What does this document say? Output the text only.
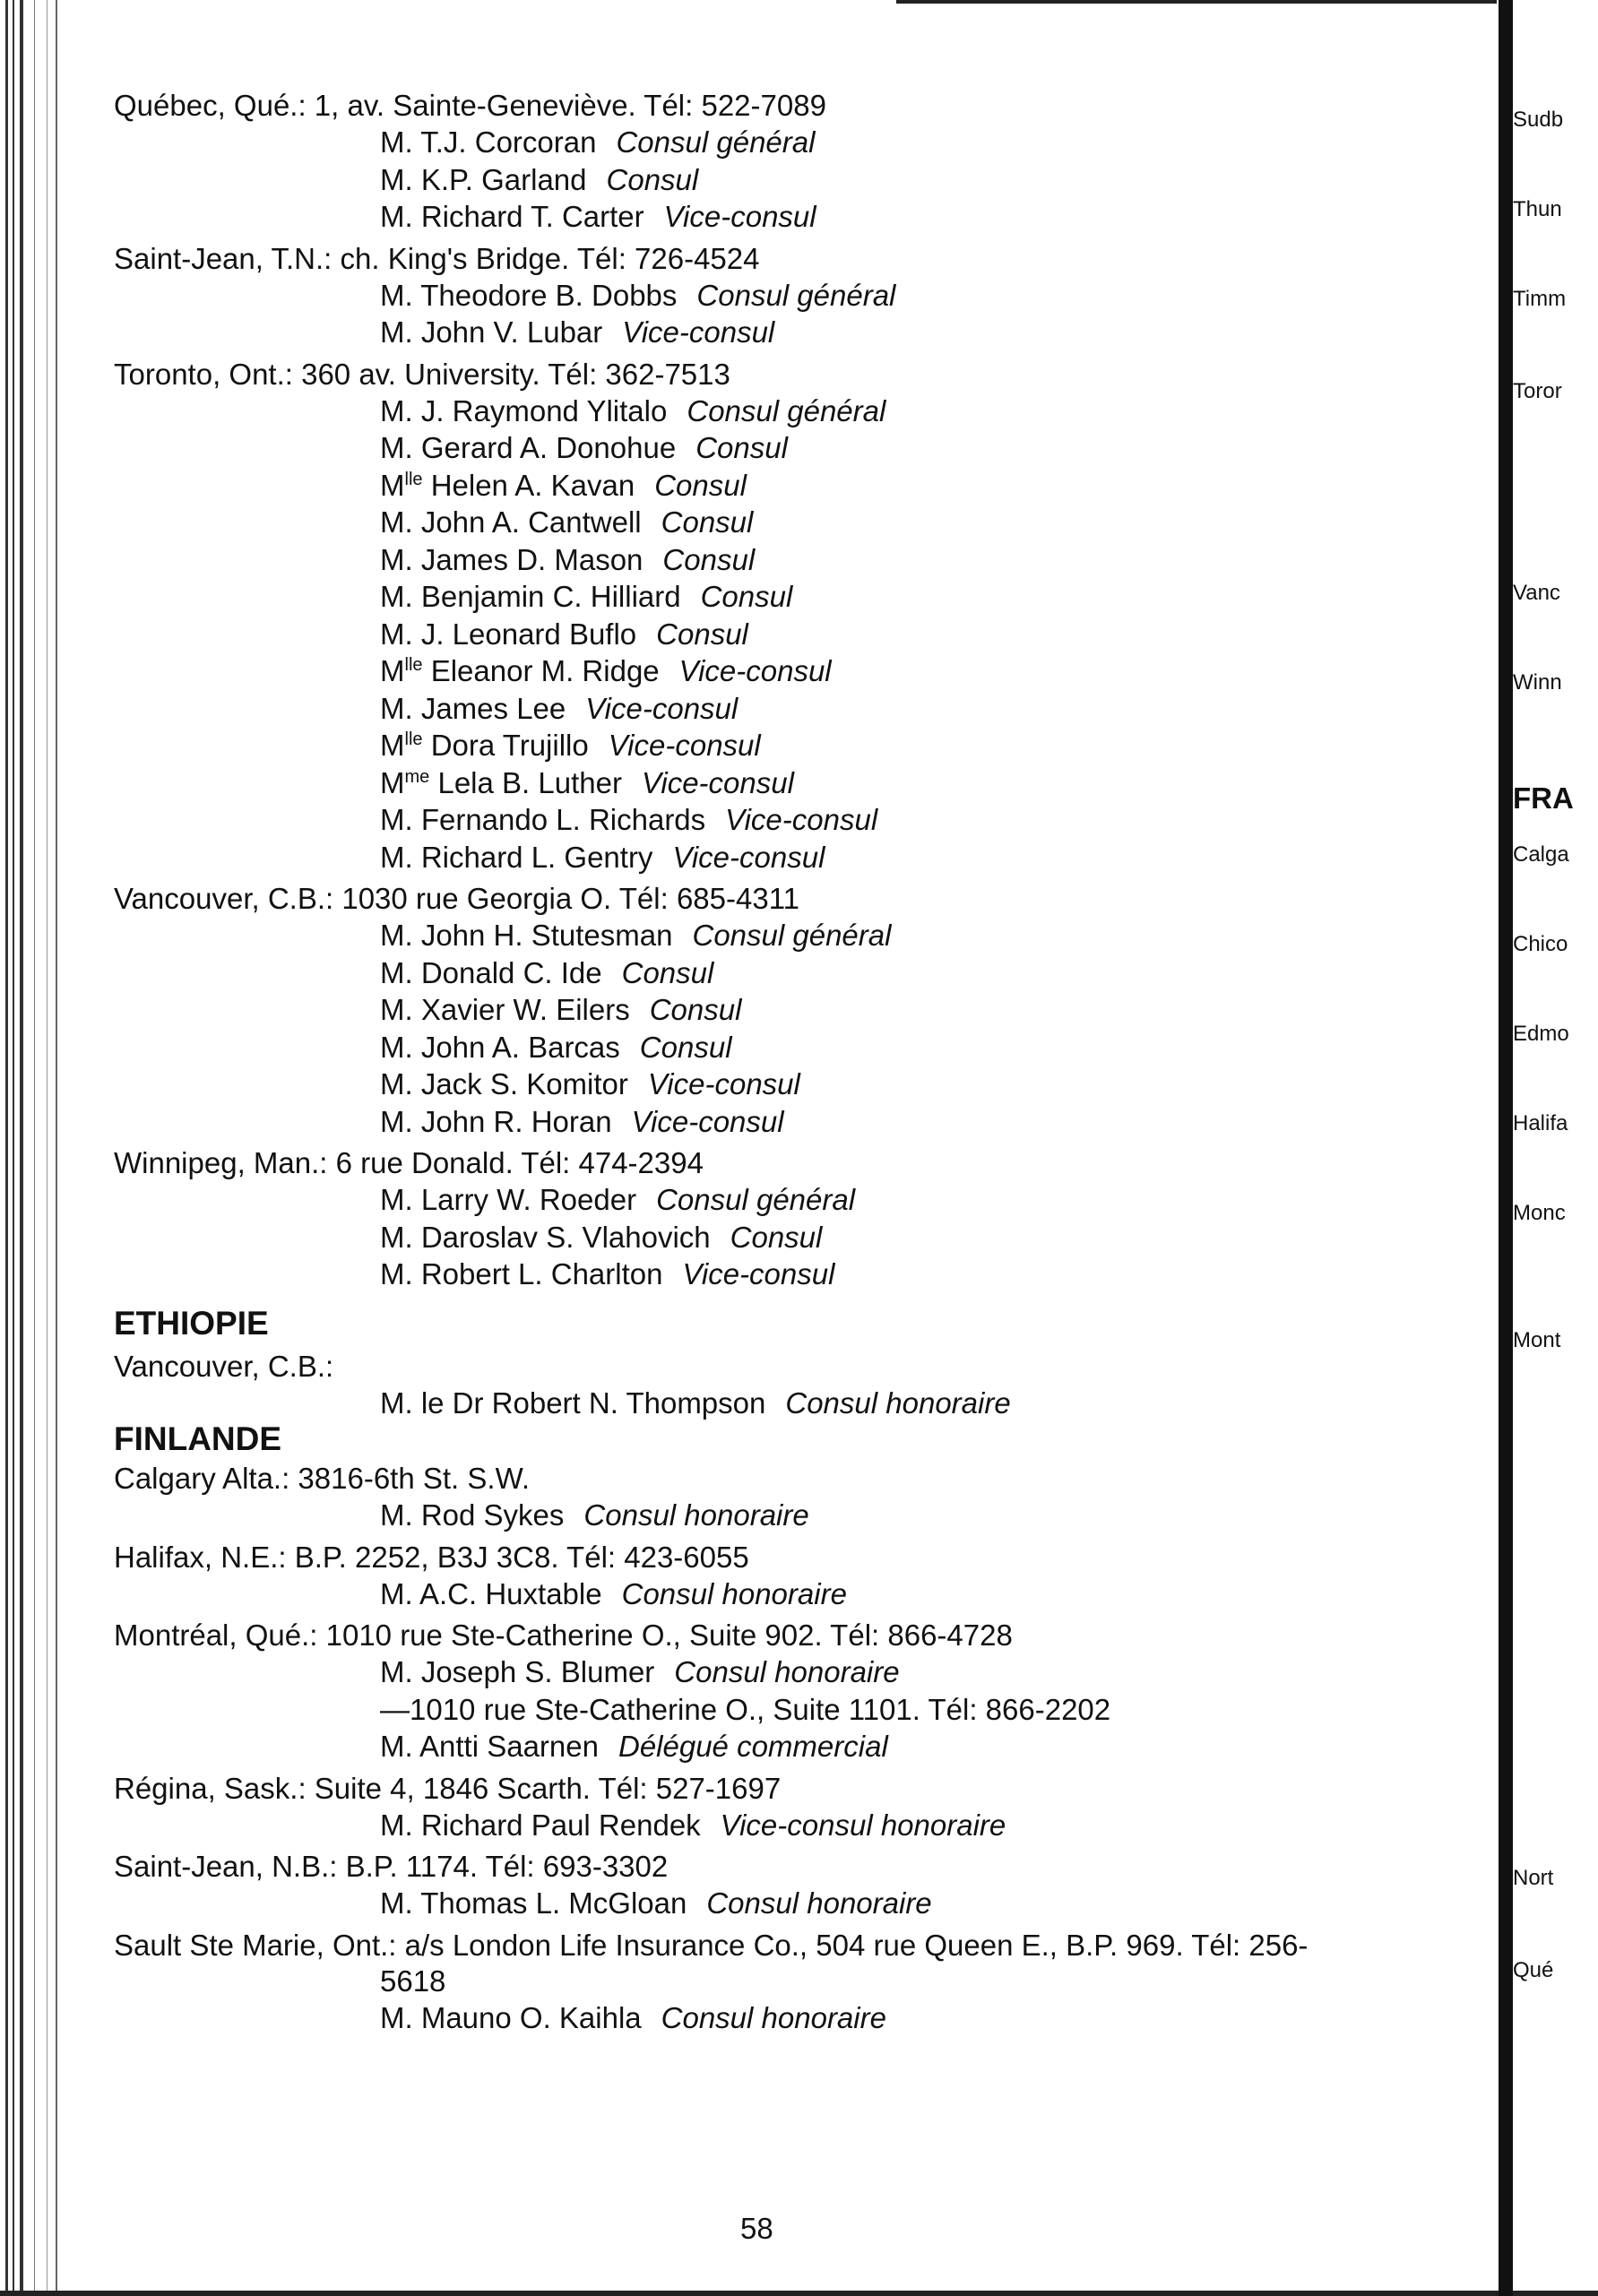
Sudb
Thun
Timm
Toror
Vanc
Winn
FRA
Calga
Chico
Edmo
Halifa
Monc
Mont
Nort
Qué
Québec, Qué.: 1, av. Sainte-Geneviève. Tél: 522-7089
M. T.J. Corcoran Consul général
M. K.P. Garland Consul
M. Richard T. Carter Vice-consul
Saint-Jean, T.N.: ch. King's Bridge. Tél: 726-4524
M. Theodore B. Dobbs Consul général
M. John V. Lubar Vice-consul
Toronto, Ont.: 360 av. University. Tél: 362-7513
M. J. Raymond Ylitalo Consul général
M. Gerard A. Donohue Consul
$M^{lle}$ Helen A. Kavan Consul
M. John A. Cantwell Consul
M. James D. Mason Consul
M. Benjamin C. Hilliard Consul
M. J. Leonard Buflo Consul
$M^{lle}$ Eleanor M. Ridge Vice-consul
M. James Lee Vice-consul
$M^{lle}$ Dora Trujillo Vice-consul
$M^{me}$ Lela B. Luther Vice-consul
M. Fernando L. Richards Vice-consul
M. Richard L. Gentry Vice-consul
Vancouver, C.B.: 1030 rue Georgia O. Tél: 685-4311
M. John H. Stutesman Consul général
M. Donald C. Ide Consul
M. Xavier W. Eilers Consul
M. John A. Barcas Consul
M. Jack S. Komitor Vice-consul
M. John R. Horan Vice-consul
Winnipeg, Man.: 6 rue Donald. Tél: 474-2394
M. Larry W. Roeder Consul général
M. Daroslav S. Vlahovich Consul
M. Robert L. Charlton Vice-consul
ETHIOPIE
Vancouver, C.B.:
M. le Dr Robert N. Thompson Consul honoraire
FINLANDE
Calgary Alta.: 3816-6th St. S.W.
M. Rod Sykes Consul honoraire
Halifax, N.E.: B.P. 2252, B3J 3C8. Tél: 423-6055
M. A.C. Huxtable Consul honoraire
Montréal, Qué.: 1010 rue Ste-Catherine O., Suite 902. Tél: 866-4728
M. Joseph S. Blumer Consul honoraire
—1010 rue Ste-Catherine O., Suite 1101. Tél: 866-2202
M. Antti Saarnen Délégué commercial
Régina, Sask.: Suite 4, 1846 Scarth. Tél: 527-1697
M. Richard Paul Rendek Vice-consul honoraire
Saint-Jean, N.B.: B.P. 1174. Tél: 693-3302
M. Thomas L. McGloan Consul honoraire
Sault Ste Marie, Ont.: a/s London Life Insurance Co., 504 rue Queen E., B.P. 969. Tél: 256-
5618
M. Mauno O. Kaihla Consul honoraire
58
